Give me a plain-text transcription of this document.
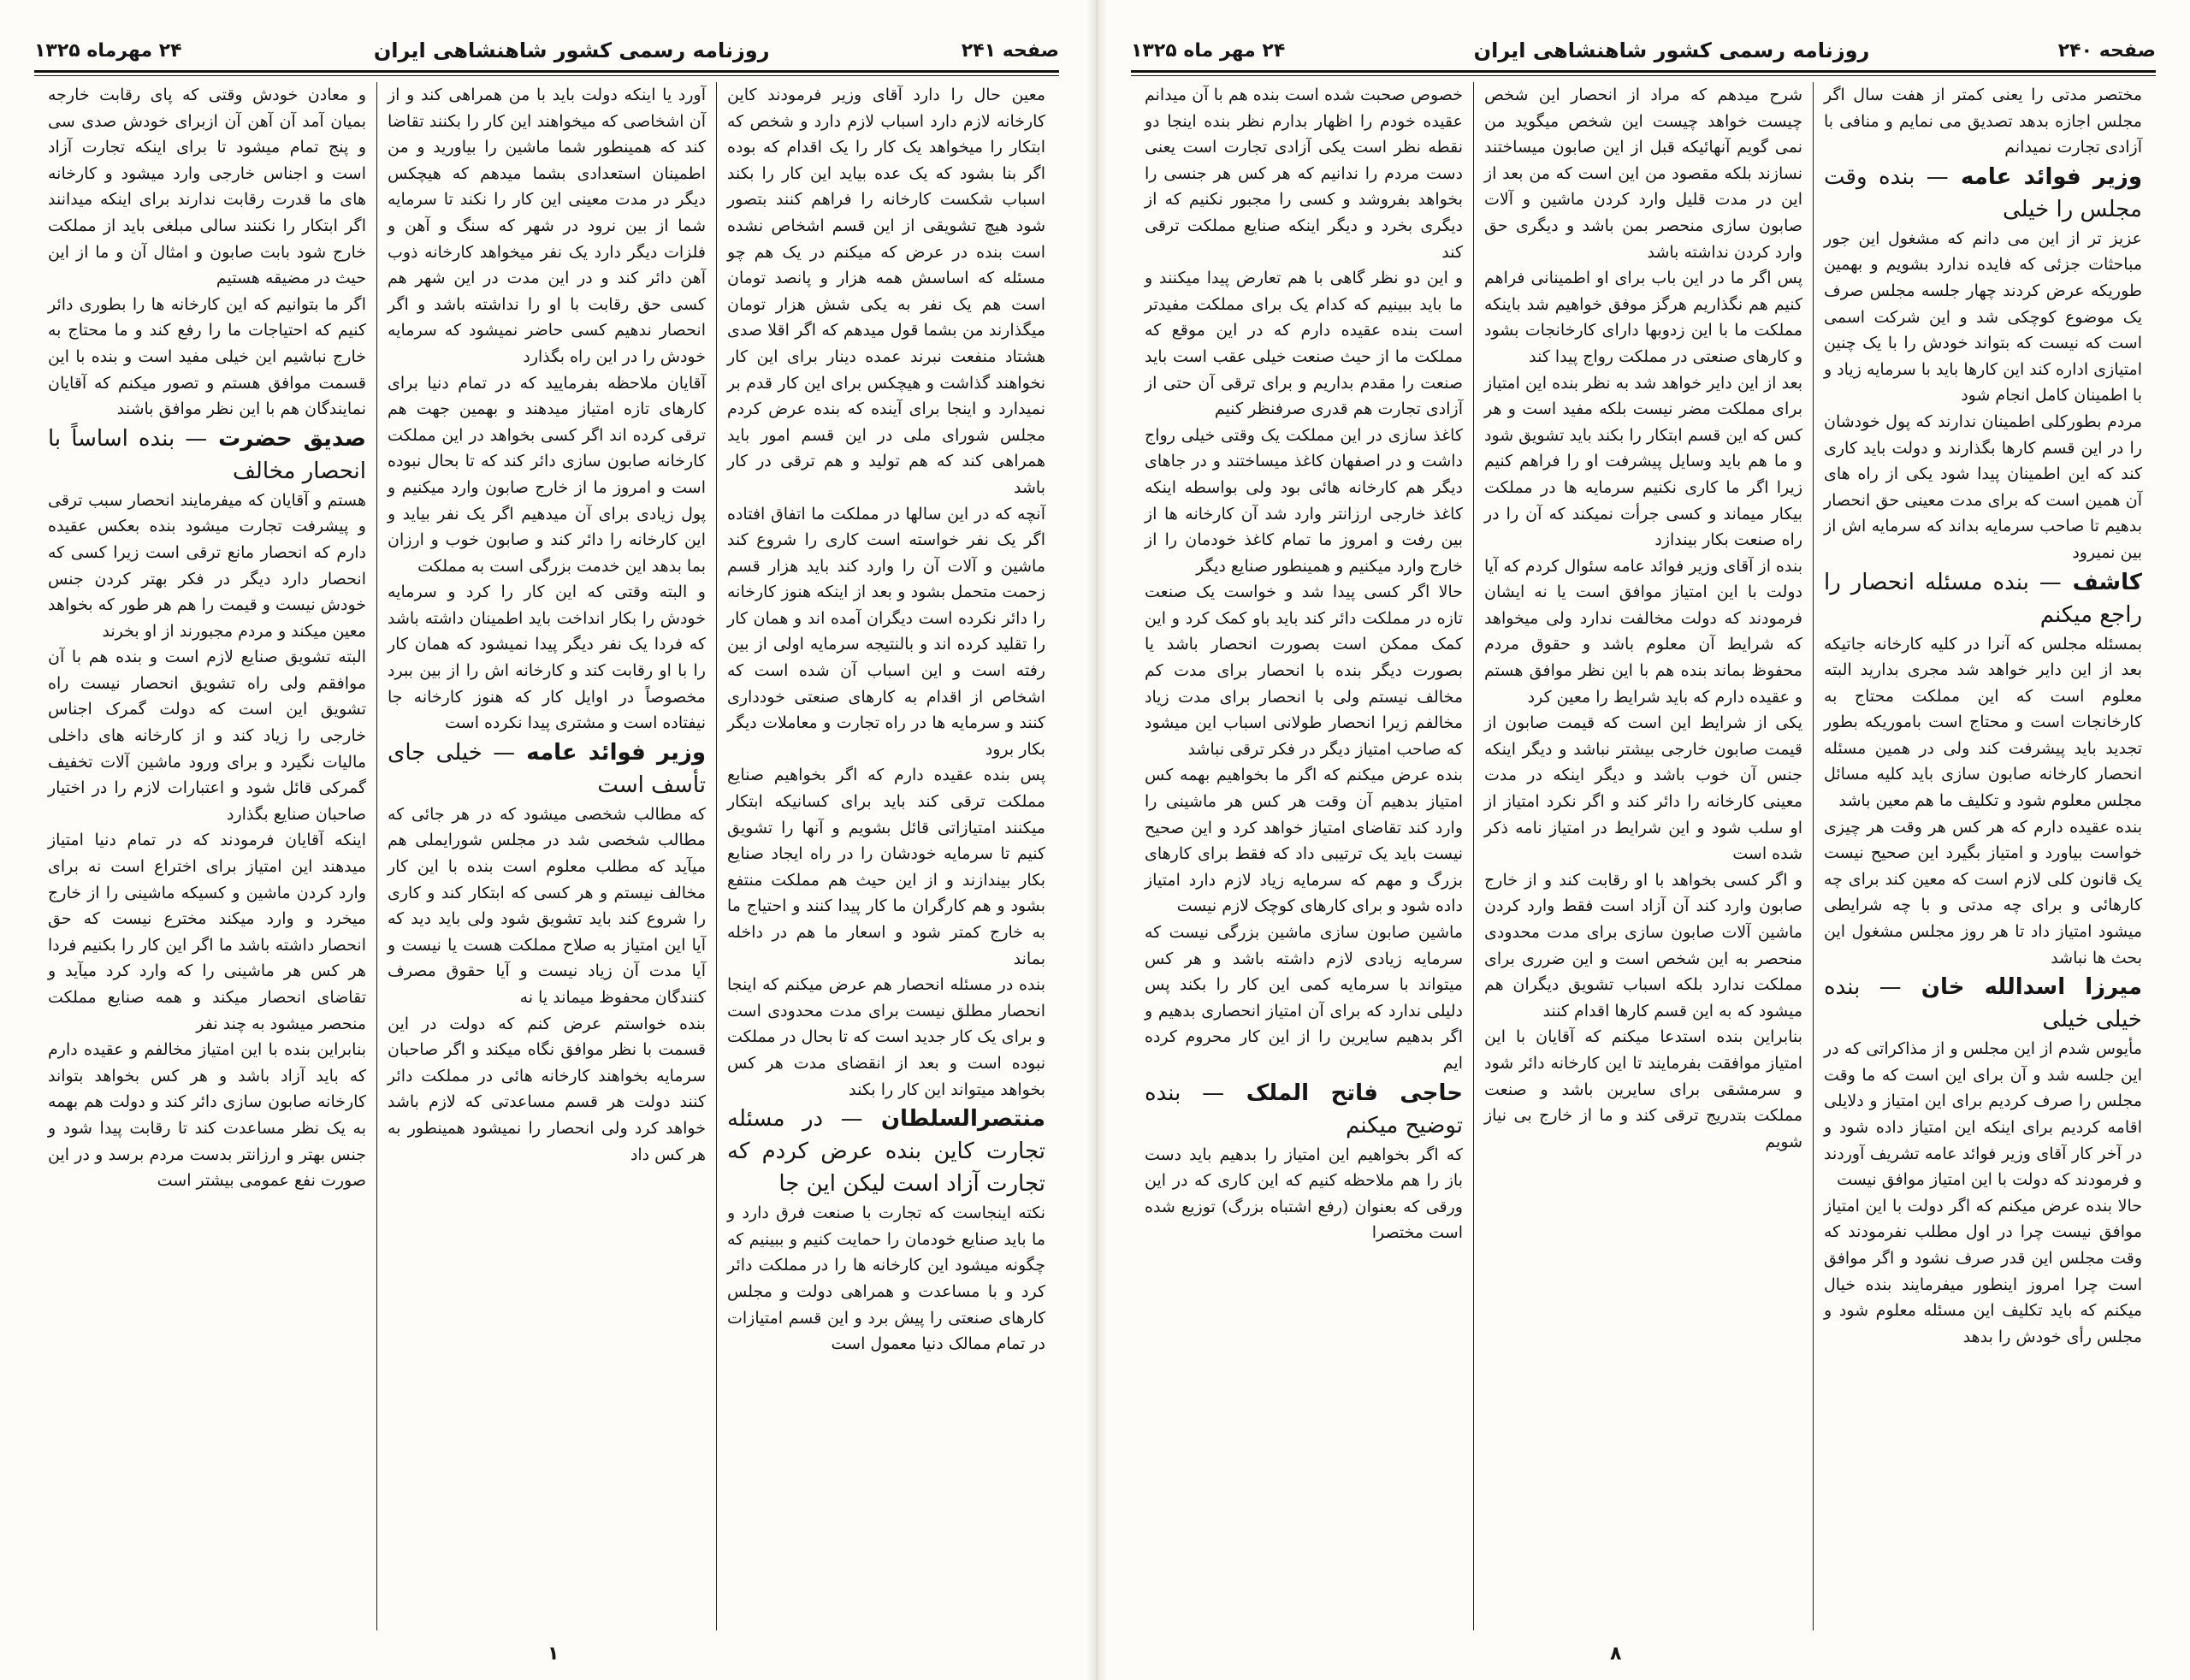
صفحه ۲۴۱
روزنامه رسمی کشور شاهنشاهی ایران
۲۴ مهرماه ۱۳۲۵

معین حال را دارد آقای وزیر فرمودند کاین کارخانه لازم دارد اسباب لازم دارد و شخص که ابتکار را میخواهد یک کار را یک اقدام که بوده اگر بنا بشود که یک عده بیاید این کار را بکند اسباب شکست کارخانه را فراهم کنند بتصور شود هیچ تشویقی از این قسم اشخاص نشده است بنده در عرض که میکنم در یک هم چو مسئله که اساسش همه هزار و پانصد تومان است هم یک نفر به یکی شش هزار تومان میگذارند من بشما قول میدهم که اگر اقلا صدی هشتاد منفعت نبرند عمده دینار برای این کار نخواهند گذاشت و هیچکس برای این کار قدم بر نمیدارد و اینجا برای آینده که بنده عرض کردم مجلس شورای ملی در این قسم امور باید همراهی کند که هم تولید و هم ترقی در کار باشد

آنچه که در این سالها در مملکت ما اتفاق افتاده اگر یک نفر خواسته است کاری را شروع کند ماشین و آلات آن را وارد کند باید هزار قسم زحمت متحمل بشود و بعد از اینکه هنوز کارخانه را دائر نکرده است دیگران آمده اند و همان کار را تقلید کرده اند و بالنتیجه سرمایه اولی از بین رفته است و این اسباب آن شده است که اشخاص از اقدام به کارهای صنعتی خودداری کنند و سرمایه ها در راه تجارت و معاملات دیگر بکار برود

پس بنده عقیده دارم که اگر بخواهیم صنایع مملکت ترقی کند باید برای کسانیکه ابتکار میکنند امتیازاتی قائل بشویم و آنها را تشویق کنیم تا سرمایه خودشان را در راه ایجاد صنایع بکار بیندازند و از این حیث هم مملکت منتفع بشود و هم کارگران ما کار پیدا کنند و احتیاج ما به خارج کمتر شود و اسعار ما هم در داخله بماند

بنده در مسئله انحصار هم عرض میکنم که اینجا انحصار مطلق نیست برای مدت محدودی است و برای یک کار جدید است که تا بحال در مملکت نبوده است و بعد از انقضای مدت هر کس بخواهد میتواند این کار را بکند

منتصرالسلطان — در مسئله تجارت کاین بنده عرض کردم که تجارت آزاد است لیکن این جا

نکته اینجاست که تجارت با صنعت فرق دارد و ما باید صنایع خودمان را حمایت کنیم و ببینیم که چگونه میشود این کارخانه ها را در مملکت دائر کرد و با مساعدت و همراهی دولت و مجلس کارهای صنعتی را پیش برد و این قسم امتیازات در تمام ممالک دنیا معمول است

آورد یا اینکه دولت باید با من همراهی کند و از آن اشخاصی که میخواهند این کار را بکنند تقاضا کند که همینطور شما ماشین را بیاورید و من اطمینان استعدادی بشما میدهم که هیچکس دیگر در مدت معینی این کار را نکند تا سرمایه شما از بین نرود در شهر که سنگ و آهن و فلزات دیگر دارد یک نفر میخواهد کارخانه ذوب آهن دائر کند و در این مدت در این شهر هم کسی حق رقابت با او را نداشته باشد و اگر انحصار ندهیم کسی حاضر نمیشود که سرمایه خودش را در این راه بگذارد

آقایان ملاحظه بفرمایید که در تمام دنیا برای کارهای تازه امتیاز میدهند و بهمین جهت هم ترقی کرده اند اگر کسی بخواهد در این مملکت کارخانه صابون سازی دائر کند که تا بحال نبوده است و امروز ما از خارج صابون وارد میکنیم و پول زیادی برای آن میدهیم اگر یک نفر بیاید و این کارخانه را دائر کند و صابون خوب و ارزان بما بدهد این خدمت بزرگی است به مملکت

و البته وقتی که این کار را کرد و سرمایه خودش را بکار انداخت باید اطمینان داشته باشد که فردا یک نفر دیگر پیدا نمیشود که همان کار را با او رقابت کند و کارخانه اش را از بین ببرد مخصوصاً در اوایل کار که هنوز کارخانه جا نیفتاده است و مشتری پیدا نکرده است

وزیر فوائد عامه — خیلی جای تأسف است

که مطالب شخصی میشود که در هر جائی که مطالب شخصی شد در مجلس شورایملی هم میآید که مطلب معلوم است بنده با این کار مخالف نیستم و هر کسی که ابتکار کند و کاری را شروع کند باید تشویق شود ولی باید دید که آیا این امتیاز به صلاح مملکت هست یا نیست و آیا مدت آن زیاد نیست و آیا حقوق مصرف کنندگان محفوظ میماند یا نه

بنده خواستم عرض کنم که دولت در این قسمت با نظر موافق نگاه میکند و اگر صاحبان سرمایه بخواهند کارخانه هائی در مملکت دائر کنند دولت هر قسم مساعدتی که لازم باشد خواهد کرد ولی انحصار را نمیشود همینطور به هر کس داد

و معادن خودش وقتی که پای رقابت خارجه بمیان آمد آن آهن آن ازبرای خودش صدی سی و پنج تمام میشود تا برای اینکه تجارت آزاد است و اجناس خارجی وارد میشود و کارخانه های ما قدرت رقابت ندارند برای اینکه میدانند اگر ابتکار را نکنند سالی مبلغی باید از مملکت خارج شود بابت صابون و امثال آن و ما از این حیث در مضیقه هستیم

اگر ما بتوانیم که این کارخانه ها را بطوری دائر کنیم که احتیاجات ما را رفع کند و ما محتاج به خارج نباشیم این خیلی مفید است و بنده با این قسمت موافق هستم و تصور میکنم که آقایان نمایندگان هم با این نظر موافق باشند

صدیق حضرت — بنده اساساً با انحصار مخالف

هستم و آقایان که میفرمایند انحصار سبب ترقی و پیشرفت تجارت میشود بنده بعکس عقیده دارم که انحصار مانع ترقی است زیرا کسی که انحصار دارد دیگر در فکر بهتر کردن جنس خودش نیست و قیمت را هم هر طور که بخواهد معین میکند و مردم مجبورند از او بخرند

البته تشویق صنایع لازم است و بنده هم با آن موافقم ولی راه تشویق انحصار نیست راه تشویق این است که دولت گمرک اجناس خارجی را زیاد کند و از کارخانه های داخلی مالیات نگیرد و برای ورود ماشین آلات تخفیف گمرکی قائل شود و اعتبارات لازم را در اختیار صاحبان صنایع بگذارد

اینکه آقایان فرمودند که در تمام دنیا امتیاز میدهند این امتیاز برای اختراع است نه برای وارد کردن ماشین و کسیکه ماشینی را از خارج میخرد و وارد میکند مخترع نیست که حق انحصار داشته باشد ما اگر این کار را بکنیم فردا هر کس هر ماشینی را که وارد کرد میآید و تقاضای انحصار میکند و همه صنایع مملکت منحصر میشود به چند نفر

بنابراین بنده با این امتیاز مخالفم و عقیده دارم که باید آزاد باشد و هر کس بخواهد بتواند کارخانه صابون سازی دائر کند و دولت هم بهمه به یک نظر مساعدت کند تا رقابت پیدا شود و جنس بهتر و ارزانتر بدست مردم برسد و در این صورت نفع عمومی بیشتر است

۱
صفحه ۲۴۰
روزنامه رسمی کشور شاهنشاهی ایران
۲۴ مهر ماه ۱۳۲۵

مختصر مدتی را یعنی کمتر از هفت سال اگر مجلس اجازه بدهد تصدیق می نمایم و منافی با آزادی تجارت نمیدانم

وزیر فوائد عامه — بنده وقت مجلس را خیلی

عزیز تر از این می دانم که مشغول این جور مباحثات جزئی که فایده ندارد بشویم و بهمین طوریکه عرض کردند چهار جلسه مجلس صرف یک موضوع کوچکی شد و این شرکت اسمی است که نیست که بتواند خودش را با یک چنین امتیازی اداره کند این کارها باید با سرمایه زیاد و با اطمینان کامل انجام شود

مردم بطورکلی اطمینان ندارند که پول خودشان را در این قسم کارها بگذارند و دولت باید کاری کند که این اطمینان پیدا شود یکی از راه های آن همین است که برای مدت معینی حق انحصار بدهیم تا صاحب سرمایه بداند که سرمایه اش از بین نمیرود

کاشف — بنده مسئله انحصار را راجع میکنم

بمسئله مجلس که آنرا در کلیه کارخانه جاتیکه بعد از این دایر خواهد شد مجری بدارید البته معلوم است که این مملکت محتاج به کارخانجات است و محتاج است باموریکه بطور تجدید باید پیشرفت کند ولی در همین مسئله انحصار کارخانه صابون سازی باید کلیه مسائل مجلس معلوم شود و تکلیف ما هم معین باشد

بنده عقیده دارم که هر کس هر وقت هر چیزی خواست بیاورد و امتیاز بگیرد این صحیح نیست یک قانون کلی لازم است که معین کند برای چه کارهائی و برای چه مدتی و با چه شرایطی میشود امتیاز داد تا هر روز مجلس مشغول این بحث ها نباشد

میرزا اسدالله خان — بنده خیلی خیلی

مأیوس شدم از این مجلس و از مذاکراتی که در این جلسه شد و آن برای این است که ما وقت مجلس را صرف کردیم برای این امتیاز و دلایلی اقامه کردیم برای اینکه این امتیاز داده شود و در آخر کار آقای وزیر فوائد عامه تشریف آوردند و فرمودند که دولت با این امتیاز موافق نیست

حالا بنده عرض میکنم که اگر دولت با این امتیاز موافق نیست چرا در اول مطلب نفرمودند که وقت مجلس این قدر صرف نشود و اگر موافق است چرا امروز اینطور میفرمایند بنده خیال میکنم که باید تکلیف این مسئله معلوم شود و مجلس رأی خودش را بدهد

شرح میدهم که مراد از انحصار این شخص چیست خواهد چیست این شخص میگوید من نمی گویم آنهائیکه قبل از این صابون میساختند نسازند بلکه مقصود من این است که من بعد از این در مدت قلیل وارد کردن ماشین و آلات صابون سازی منحصر بمن باشد و دیگری حق وارد کردن نداشته باشد

پس اگر ما در این باب برای او اطمینانی فراهم کنیم هم نگذاریم هرگز موفق خواهیم شد باینکه مملکت ما با این زدوبها دارای کارخانجات بشود و کارهای صنعتی در مملکت رواج پیدا کند

بعد از این دایر خواهد شد به نظر بنده این امتیاز برای مملکت مضر نیست بلکه مفید است و هر کس که این قسم ابتکار را بکند باید تشویق شود و ما هم باید وسایل پیشرفت او را فراهم کنیم زیرا اگر ما کاری نکنیم سرمایه ها در مملکت بیکار میماند و کسی جرأت نمیکند که آن را در راه صنعت بکار بیندازد

بنده از آقای وزیر فوائد عامه سئوال کردم که آیا دولت با این امتیاز موافق است یا نه ایشان فرمودند که دولت مخالفت ندارد ولی میخواهد که شرایط آن معلوم باشد و حقوق مردم محفوظ بماند بنده هم با این نظر موافق هستم و عقیده دارم که باید شرایط را معین کرد

یکی از شرایط این است که قیمت صابون از قیمت صابون خارجی بیشتر نباشد و دیگر اینکه جنس آن خوب باشد و دیگر اینکه در مدت معینی کارخانه را دائر کند و اگر نکرد امتیاز از او سلب شود و این شرایط در امتیاز نامه ذکر شده است

و اگر کسی بخواهد با او رقابت کند و از خارج صابون وارد کند آن آزاد است فقط وارد کردن ماشین آلات صابون سازی برای مدت محدودی منحصر به این شخص است و این ضرری برای مملکت ندارد بلکه اسباب تشویق دیگران هم میشود که به این قسم کارها اقدام کنند

بنابراین بنده استدعا میکنم که آقایان با این امتیاز موافقت بفرمایند تا این کارخانه دائر شود و سرمشقی برای سایرین باشد و صنعت مملکت بتدریج ترقی کند و ما از خارج بی نیاز شویم

خصوص صحبت شده است بنده هم با آن میدانم عقیده خودم را اظهار بدارم نظر بنده اینجا دو نقطه نظر است یکی آزادی تجارت است یعنی دست مردم را ندانیم که هر کس هر جنسی را بخواهد بفروشد و کسی را مجبور نکنیم که از دیگری بخرد و دیگر اینکه صنایع مملکت ترقی کند

و این دو نظر گاهی با هم تعارض پیدا میکنند و ما باید ببینیم که کدام یک برای مملکت مفیدتر است بنده عقیده دارم که در این موقع که مملکت ما از حیث صنعت خیلی عقب است باید صنعت را مقدم بداریم و برای ترقی آن حتی از آزادی تجارت هم قدری صرفنظر کنیم

کاغذ سازی در این مملکت یک وقتی خیلی رواج داشت و در اصفهان کاغذ میساختند و در جاهای دیگر هم کارخانه هائی بود ولی بواسطه اینکه کاغذ خارجی ارزانتر وارد شد آن کارخانه ها از بین رفت و امروز ما تمام کاغذ خودمان را از خارج وارد میکنیم و همینطور صنایع دیگر

حالا اگر کسی پیدا شد و خواست یک صنعت تازه در مملکت دائر کند باید باو کمک کرد و این کمک ممکن است بصورت انحصار باشد یا بصورت دیگر بنده با انحصار برای مدت کم مخالف نیستم ولی با انحصار برای مدت زیاد مخالفم زیرا انحصار طولانی اسباب این میشود که صاحب امتیاز دیگر در فکر ترقی نباشد

بنده عرض میکنم که اگر ما بخواهیم بهمه کس امتیاز بدهیم آن وقت هر کس هر ماشینی را وارد کند تقاضای امتیاز خواهد کرد و این صحیح نیست باید یک ترتیبی داد که فقط برای کارهای بزرگ و مهم که سرمایه زیاد لازم دارد امتیاز داده شود و برای کارهای کوچک لازم نیست

ماشین صابون سازی ماشین بزرگی نیست که سرمایه زیادی لازم داشته باشد و هر کس میتواند با سرمایه کمی این کار را بکند پس دلیلی ندارد که برای آن امتیاز انحصاری بدهیم و اگر بدهیم سایرین را از این کار محروم کرده ایم

حاجی فاتح الملک — بنده توضیح میکنم

که اگر بخواهیم این امتیاز را بدهیم باید دست باز را هم ملاحظه کنیم که این کاری که در این ورقی که بعنوان (رفع اشتباه بزرگ) توزیع شده است مختصرا

۸
